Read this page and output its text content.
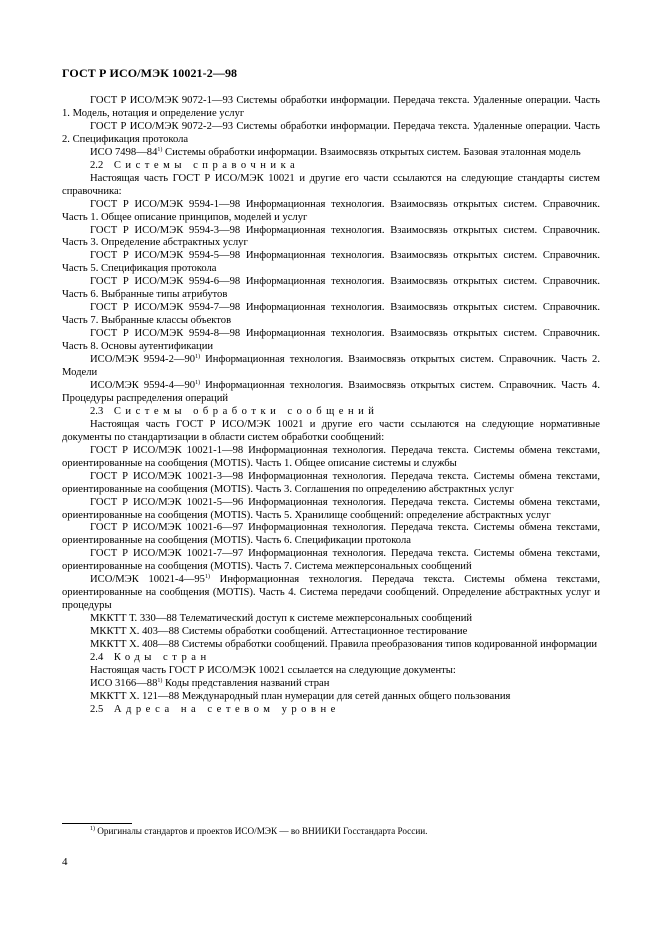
ГОСТ Р ИСО/МЭК 10021-2—98
ГОСТ Р ИСО/МЭК 9072-1—93 Системы обработки информации. Передача текста. Удаленные операции. Часть 1. Модель, нотация и определение услуг
ГОСТ Р ИСО/МЭК 9072-2—93 Системы обработки информации. Передача текста. Удаленные операции. Часть 2. Спецификация протокола
ИСО 7498—84$^{1)}$ Системы обработки информации. Взаимосвязь открытых систем. Базовая эталонная модель
2.2  Системы справочника
Настоящая часть ГОСТ Р ИСО/МЭК 10021 и другие его части ссылаются на следующие стандарты систем справочника:
ГОСТ Р ИСО/МЭК 9594-1—98 Информационная технология. Взаимосвязь открытых систем. Справочник. Часть 1. Общее описание принципов, моделей и услуг
ГОСТ Р ИСО/МЭК 9594-3—98 Информационная технология. Взаимосвязь открытых систем. Справочник. Часть 3. Определение абстрактных услуг
ГОСТ Р ИСО/МЭК 9594-5—98 Информационная технология. Взаимосвязь открытых систем. Справочник. Часть 5. Спецификация протокола
ГОСТ Р ИСО/МЭК 9594-6—98 Информационная технология. Взаимосвязь открытых систем. Справочник. Часть 6. Выбранные типы атрибутов
ГОСТ Р ИСО/МЭК 9594-7—98 Информационная технология. Взаимосвязь открытых систем. Справочник. Часть 7. Выбранные классы объектов
ГОСТ Р ИСО/МЭК 9594-8—98 Информационная технология. Взаимосвязь открытых систем. Справочник. Часть 8. Основы аутентификации
ИСО/МЭК 9594-2—90$^{1)}$ Информационная технология. Взаимосвязь открытых систем. Справочник. Часть 2. Модели
ИСО/МЭК 9594-4—90$^{1)}$ Информационная технология. Взаимосвязь открытых систем. Справочник. Часть 4. Процедуры распределения операций
2.3  Системы обработки сообщений
Настоящая часть ГОСТ Р ИСО/МЭК 10021 и другие его части ссылаются на следующие нормативные документы по стандартизации в области систем обработки сообщений:
ГОСТ Р ИСО/МЭК 10021-1—98 Информационная технология. Передача текста. Системы обмена текстами, ориентированные на сообщения (MOTIS). Часть 1. Общее описание системы и службы
ГОСТ Р ИСО/МЭК 10021-3—98 Информационная технология. Передача текста. Системы обмена текстами, ориентированные на сообщения (MOTIS). Часть 3. Соглашения по определению абстрактных услуг
ГОСТ Р ИСО/МЭК 10021-5—96 Информационная технология. Передача текста. Системы обмена текстами, ориентированные на сообщения (MOTIS). Часть 5. Хранилище сообщений: определение абстрактных услуг
ГОСТ Р ИСО/МЭК 10021-6—97 Информационная технология. Передача текста. Системы обмена текстами, ориентированные на сообщения (MOTIS). Часть 6. Спецификации протокола
ГОСТ Р ИСО/МЭК 10021-7—97 Информационная технология. Передача текста. Системы обмена текстами, ориентированные на сообщения (MOTIS). Часть 7. Система межперсональных сообщений
ИСО/МЭК 10021-4—95$^{1)}$ Информационная технология. Передача текста. Системы обмена текстами, ориентированные на сообщения (MOTIS). Часть 4. Система передачи сообщений. Определение абстрактных услуг и процедуры
МККТТ Т. 330—88 Телематический доступ к системе межперсональных сообщений
МККТТ Х. 403—88 Системы обработки сообщений. Аттестационное тестирование
МККТТ Х. 408—88 Системы обработки сообщений. Правила преобразования типов кодированной информации
2.4  Коды стран
Настоящая часть ГОСТ Р ИСО/МЭК 10021 ссылается на следующие документы:
ИСО 3166—88$^{1)}$ Коды представления названий стран
МККТТ Х. 121—88 Международный план нумерации для сетей данных общего пользования
2.5  Адреса на сетевом уровне
$^{1)}$ Оригиналы стандартов и проектов ИСО/МЭК — во ВНИИКИ Госстандарта России.
4
